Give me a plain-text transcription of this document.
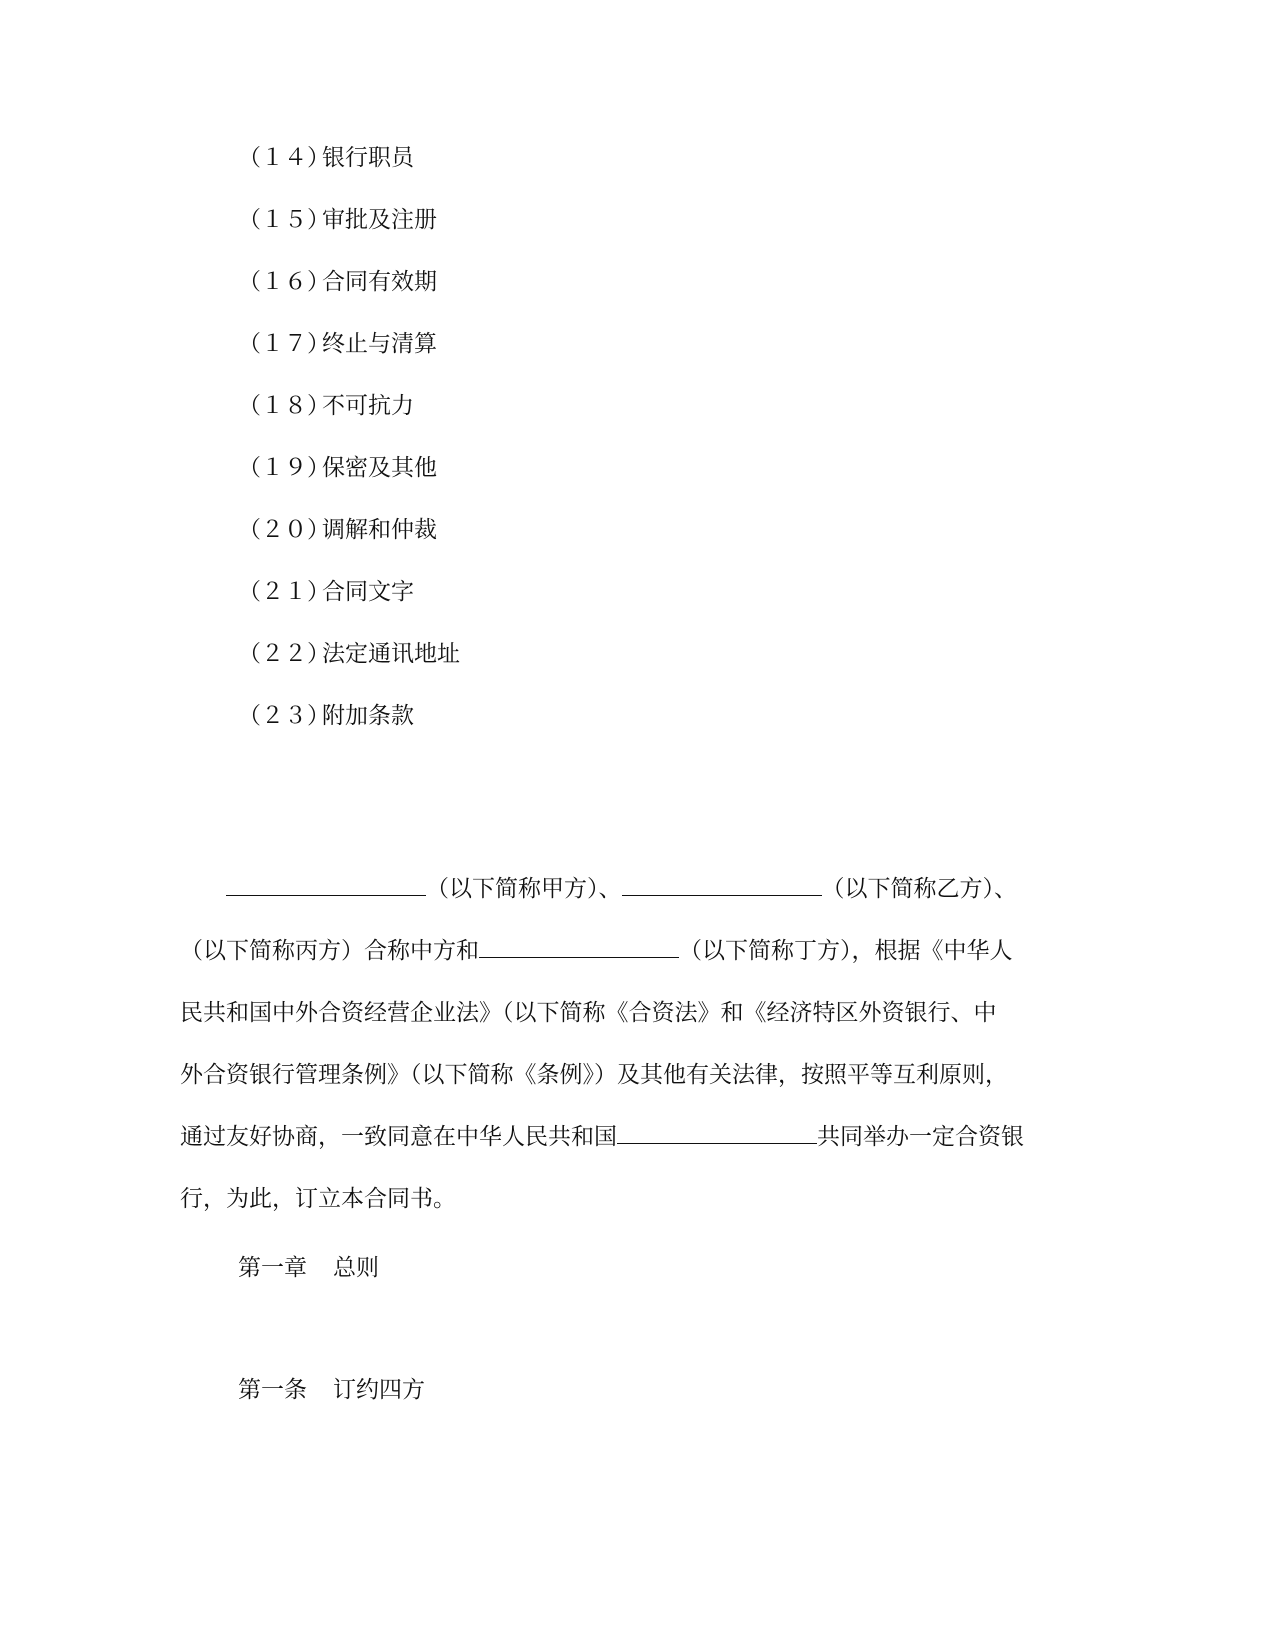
（１４）银行职员
（１５）审批及注册
（１６）合同有效期
（１７）终止与清算
（１８）不可抗力
（１９）保密及其他
（２０）调解和仲裁
（２１）合同文字
（２２）法定通讯地址
（２３）附加条款
（以下简称甲方）、	（以下简称乙方）、
（以下简称丙方）合称中方和	（以下简称丁方），根据《中华人
民共和国中外合资经营企业法》（以下简称《合资法》和《经济特区外资银行、中
外合资银行管理条例》（以下简称《条例》）及其他有关法律，按照平等互利原则，
通过友好协商，一致同意在中华人民共和国	共同举办一定合资银
行，为此，订立本合同书。
第一章 总则
第一条 订约四方
